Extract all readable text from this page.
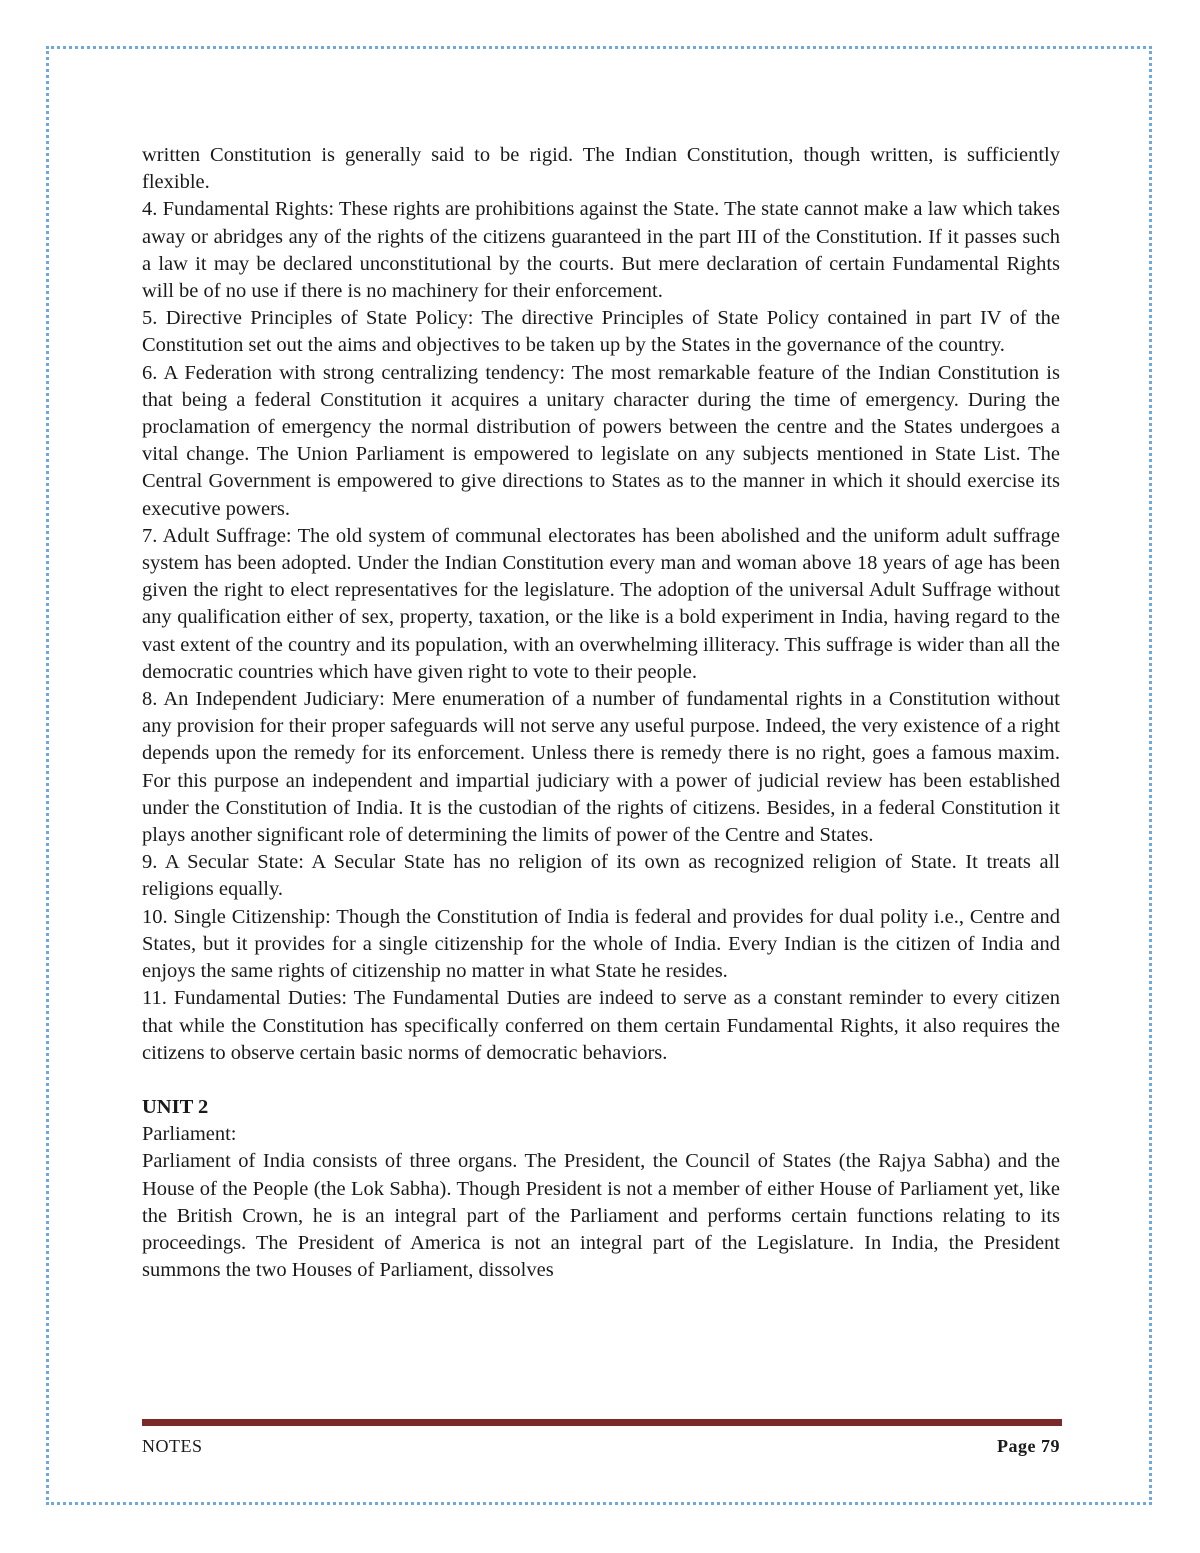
written Constitution is generally said to be rigid. The Indian Constitution, though written, is sufficiently flexible.

4. Fundamental Rights: These rights are prohibitions against the State. The state cannot make a law which takes away or abridges any of the rights of the citizens guaranteed in the part III of the Constitution. If it passes such a law it may be declared unconstitutional by the courts. But mere declaration of certain Fundamental Rights will be of no use if there is no machinery for their enforcement.

5. Directive Principles of State Policy: The directive Principles of State Policy contained in part IV of the Constitution set out the aims and objectives to be taken up by the States in the governance of the country.

6. A Federation with strong centralizing tendency: The most remarkable feature of the Indian Constitution is that being a federal Constitution it acquires a unitary character during the time of emergency. During the proclamation of emergency the normal distribution of powers between the centre and the States undergoes a vital change. The Union Parliament is empowered to legislate on any subjects mentioned in State List. The Central Government is empowered to give directions to States as to the manner in which it should exercise its executive powers.

7. Adult Suffrage: The old system of communal electorates has been abolished and the uniform adult suffrage system has been adopted. Under the Indian Constitution every man and woman above 18 years of age has been given the right to elect representatives for the legislature. The adoption of the universal Adult Suffrage without any qualification either of sex, property, taxation, or the like is a bold experiment in India, having regard to the vast extent of the country and its population, with an overwhelming illiteracy. This suffrage is wider than all the democratic countries which have given right to vote to their people.

8. An Independent Judiciary: Mere enumeration of a number of fundamental rights in a Constitution without any provision for their proper safeguards will not serve any useful purpose. Indeed, the very existence of a right depends upon the remedy for its enforcement. Unless there is remedy there is no right, goes a famous maxim. For this purpose an independent and impartial judiciary with a power of judicial review has been established under the Constitution of India. It is the custodian of the rights of citizens. Besides, in a federal Constitution it plays another significant role of determining the limits of power of the Centre and States.

9. A Secular State: A Secular State has no religion of its own as recognized religion of State. It treats all religions equally.

10. Single Citizenship: Though the Constitution of India is federal and provides for dual polity i.e., Centre and States, but it provides for a single citizenship for the whole of India. Every Indian is the citizen of India and enjoys the same rights of citizenship no matter in what State he resides.

11. Fundamental Duties: The Fundamental Duties are indeed to serve as a constant reminder to every citizen that while the Constitution has specifically conferred on them certain Fundamental Rights, it also requires the citizens to observe certain basic norms of democratic behaviors.

UNIT 2

Parliament:

Parliament of India consists of three organs. The President, the Council of States (the Rajya Sabha) and the House of the People (the Lok Sabha). Though President is not a member of either House of Parliament yet, like the British Crown, he is an integral part of the Parliament and performs certain functions relating to its proceedings. The President of America is not an integral part of the Legislature. In India, the President summons the two Houses of Parliament, dissolves

NOTES	Page 79
